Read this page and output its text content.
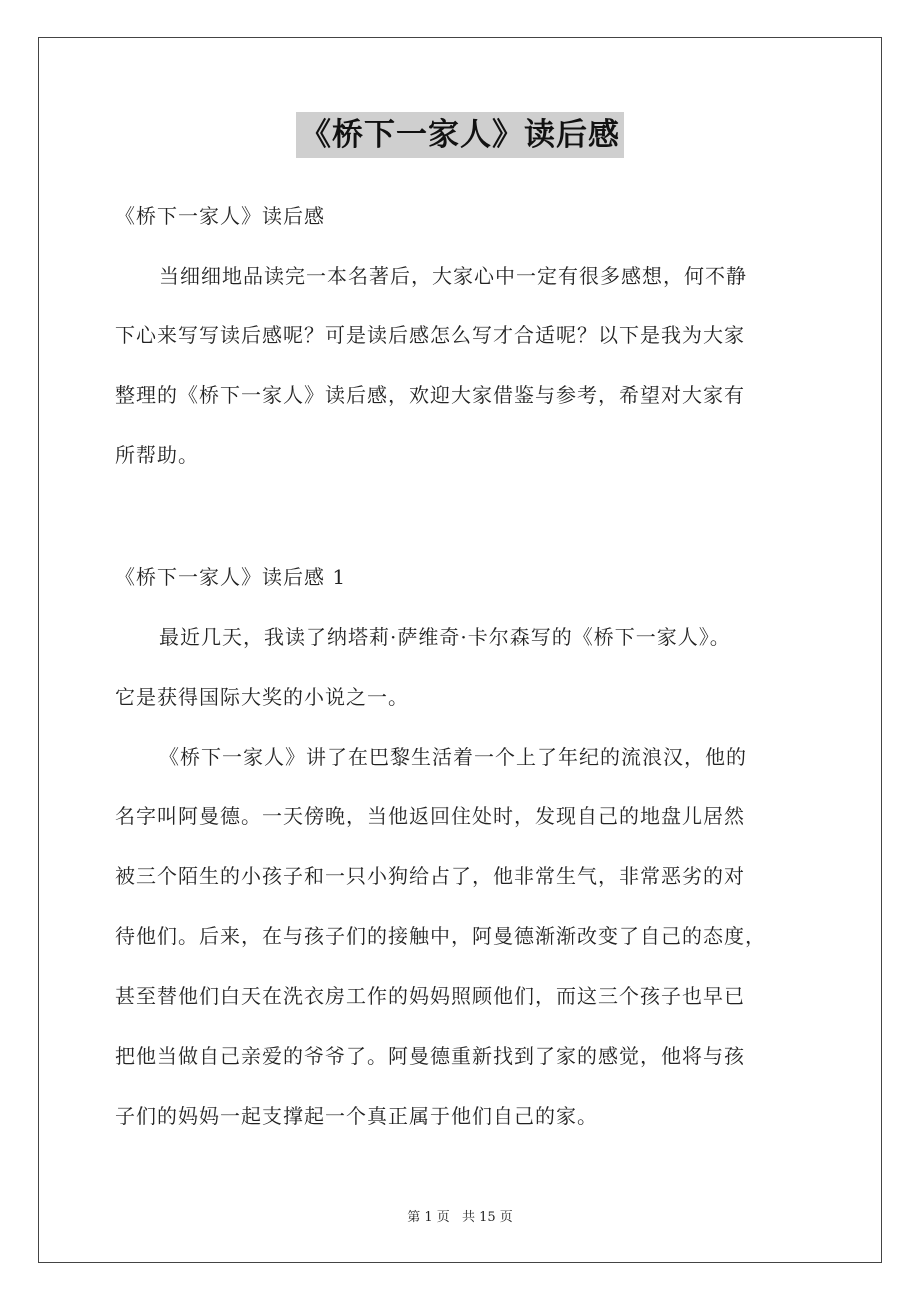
《桥下一家人》读后感
《桥下一家人》读后感
当细细地品读完一本名著后，大家心中一定有很多感想，何不静
下心来写写读后感呢？可是读后感怎么写才合适呢？以下是我为大家
整理的《桥下一家人》读后感，欢迎大家借鉴与参考，希望对大家有
所帮助。
《桥下一家人》读后感 1
最近几天，我读了纳塔莉·萨维奇·卡尔森写的《桥下一家人》。
它是获得国际大奖的小说之一。
《桥下一家人》讲了在巴黎生活着一个上了年纪的流浪汉，他的
名字叫阿曼德。一天傍晚，当他返回住处时，发现自己的地盘儿居然
被三个陌生的小孩子和一只小狗给占了，他非常生气，非常恶劣的对
待他们。后来，在与孩子们的接触中，阿曼德渐渐改变了自己的态度，
甚至替他们白天在洗衣房工作的妈妈照顾他们，而这三个孩子也早已
把他当做自己亲爱的爷爷了。阿曼德重新找到了家的感觉，他将与孩
子们的妈妈一起支撑起一个真正属于他们自己的家。
第 1 页 共 15 页
